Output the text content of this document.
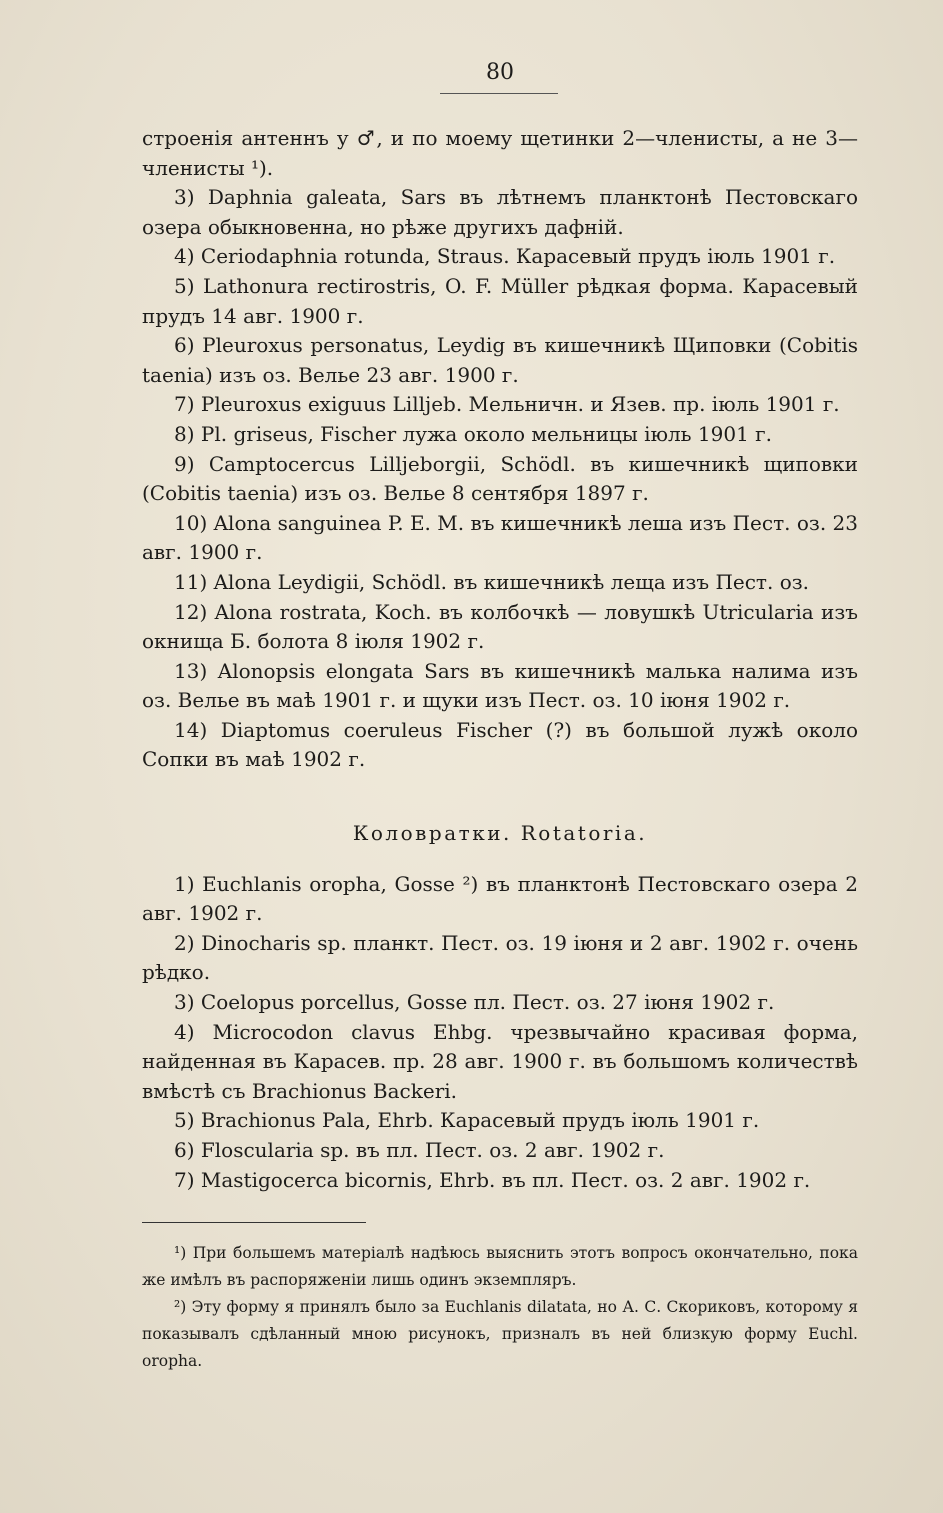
80

строенія антеннъ у ♂, и по моему щетинки 2—членисты, а не 3—членисты ¹).

3) Daphnia galeata, Sars въ лѣтнемъ планктонѣ Пестовскаго озера обыкновенна, но рѣже другихъ дафній.

4) Ceriodaphnia rotunda, Straus. Карасевый прудъ іюль 1901 г.

5) Lathonura rectirostris, O. F. Müller рѣдкая форма. Карасевый прудъ 14 авг. 1900 г.

6) Pleuroxus personatus, Leydig въ кишечникѣ Щиповки (Cobitis taenia) изъ оз. Велье 23 авг. 1900 г.

7) Pleuroxus exiguus Lilljeb. Мельничн. и Язев. пр. іюль 1901 г.

8) Pl. griseus, Fischer лужа около мельницы іюль 1901 г.

9) Camptocercus Lilljeborgii, Schödl. въ кишечникѣ щиповки (Cobitis taenia) изъ оз. Велье 8 сентября 1897 г.

10) Alona sanguinea P. E. M. въ кишечникѣ леша изъ Пест. оз. 23 авг. 1900 г.

11) Alona Leydigii, Schödl. въ кишечникѣ леща изъ Пест. оз.

12) Alona rostrata, Koch. въ колбочкѣ — ловушкѣ Utricularia изъ окнища Б. болота 8 іюля 1902 г.

13) Alonopsis elongata Sars въ кишечникѣ малька налима изъ оз. Велье въ маѣ 1901 г. и щуки изъ Пест. оз. 10 іюня 1902 г.

14) Diaptomus coeruleus Fischer (?) въ большой лужѣ около Сопки въ маѣ 1902 г.

Коловратки. Rotatoria.

1) Euchlanis oropha, Gosse ²) въ планктонѣ Пестовскаго озера 2 авг. 1902 г.

2) Dinocharis sp. планкт. Пест. оз. 19 іюня и 2 авг. 1902 г. очень рѣдко.

3) Coelopus porcellus, Gosse пл. Пест. оз. 27 іюня 1902 г.

4) Microcodon clavus Ehbg. чрезвычайно красивая форма, найденная въ Карасев. пр. 28 авг. 1900 г. въ большомъ количествѣ вмѣстѣ съ Brachionus Backeri.

5) Brachionus Pala, Ehrb. Карасевый прудъ іюль 1901 г.

6) Floscularia sp. въ пл. Пест. оз. 2 авг. 1902 г.

7) Mastigocerca bicornis, Ehrb. въ пл. Пест. оз. 2 авг. 1902 г.

¹) При большемъ матеріалѣ надѣюсь выяснить этотъ вопросъ окончательно, пока же имѣлъ въ распоряженіи лишь одинъ экземпляръ.

²) Эту форму я принялъ было за Euchlanis dilatata, но А. С. Скориковъ, которому я показывалъ сдѣланный мною рисунокъ, призналъ въ ней близкую форму Euchl. oropha.
